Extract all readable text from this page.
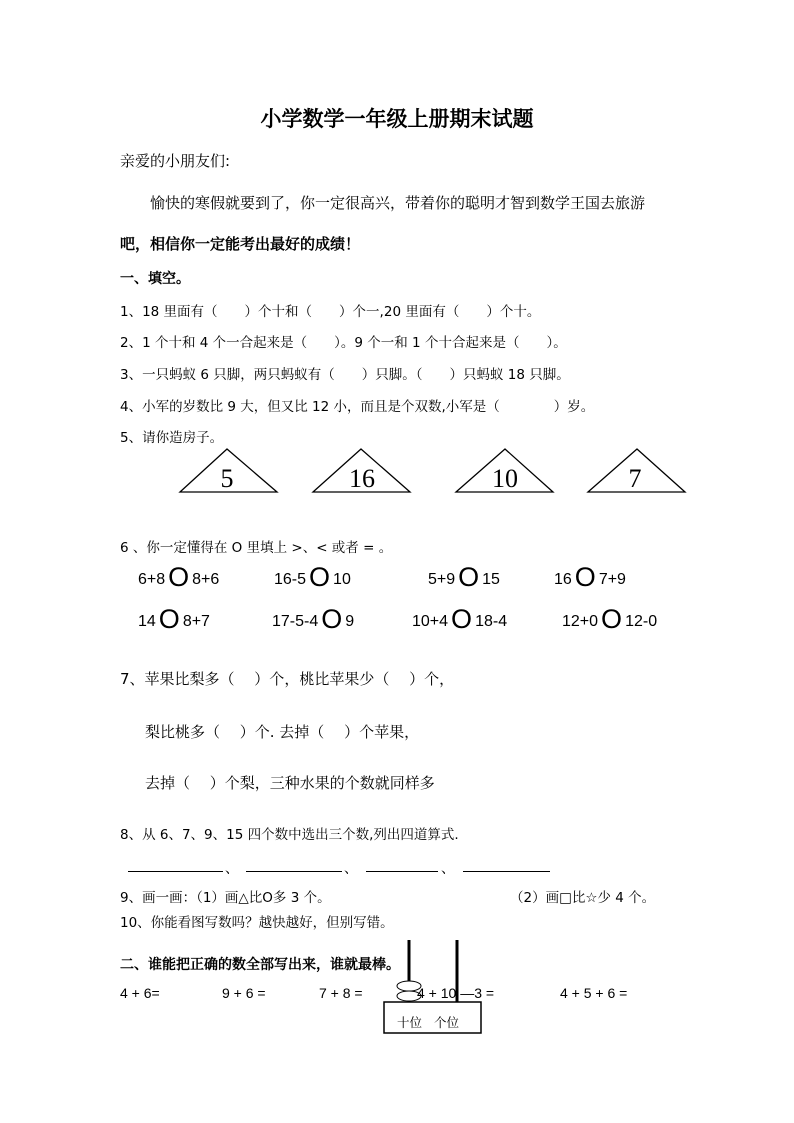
小学数学一年级上册期末试题
亲爱的小朋友们:
愉快的寒假就要到了，你一定很高兴，带着你的聪明才智到数学王国去旅游
吧，相信你一定能考出最好的成绩！
一、填空。
1、18 里面有（　　）个十和（　　）个一,20 里面有（　　）个十。
2、1 个十和 4 个一合起来是（　　）。9 个一和 1 个十合起来是（　　）。
3、一只蚂蚁 6 只脚，两只蚂蚁有（　　）只脚。（　　）只蚂蚁 18 只脚。
4、小军的岁数比 9 大，但又比 12 小，而且是个双数,小军是（　　　　）岁。
5、请你造房子。
5	16	10	7
6 、你一定懂得在 O 里填上 >、< 或者 = 。
6+8 O 8+6	16-5 O 10	5+9 O 15	16 O 7+9
14 O 8+7	17-5-4 O 9	10+4 O 18-4	12+0 O 12-0
7、苹果比梨多（　 ）个，桃比苹果少（　 ）个，
梨比桃多（　 ）个. 去掉（　 ）个苹果，
去掉（　 ）个梨，三种水果的个数就同样多
8、从 6、7、9、15 四个数中选出三个数,列出四道算式.
、	、	、
9、画一画：（1）画△比O多 3 个。	（2）画□比☆少 4 个。
10、你能看图写数吗？越快越好，但别写错。
二、谁能把正确的数全部写出来，谁就最棒。
十位 个位
4 + 6=	9 + 6 =	7 + 8 =	4 + 10 —3 =	4 + 5 + 6 =
